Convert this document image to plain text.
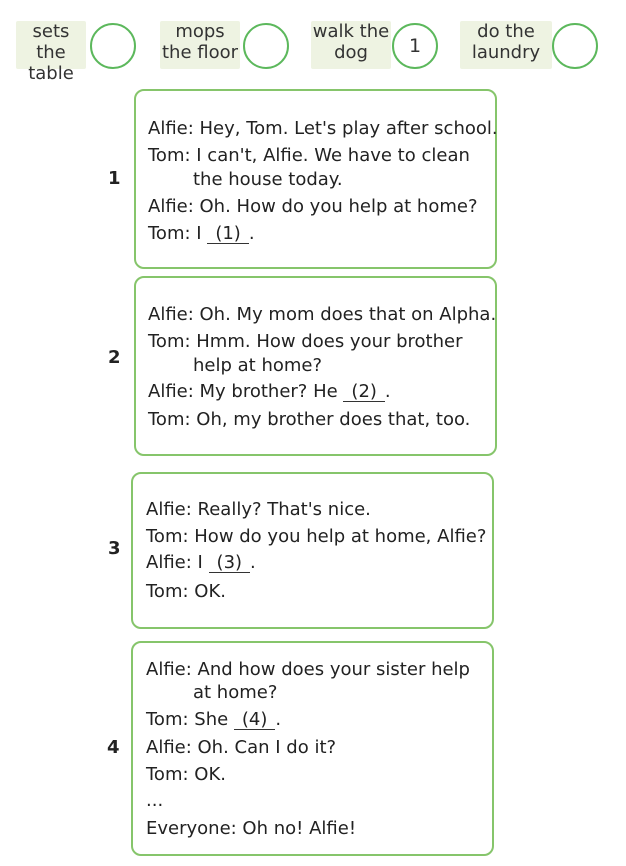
sets the
table
mops
the floor
walk the
dog	1
do the
laundry
1
Alfie: Hey, Tom. Let's play after school.
Tom: I can't, Alfie. We have to clean
the house today.
Alfie: Oh. How do you help at home?
Tom: I (1) .
2
Alfie: Oh. My mom does that on Alpha.
Tom: Hmm. How does your brother
help at home?
Alfie: My brother? He (2) .
Tom: Oh, my brother does that, too.
3
Alfie: Really? That's nice.
Tom: How do you help at home, Alfie?
Alfie: I (3) .
Tom: OK.
4
Alfie: And how does your sister help
at home?
Tom: She (4) .
Alfie: Oh. Can I do it?
Tom: OK.
...
Everyone: Oh no! Alfie!
